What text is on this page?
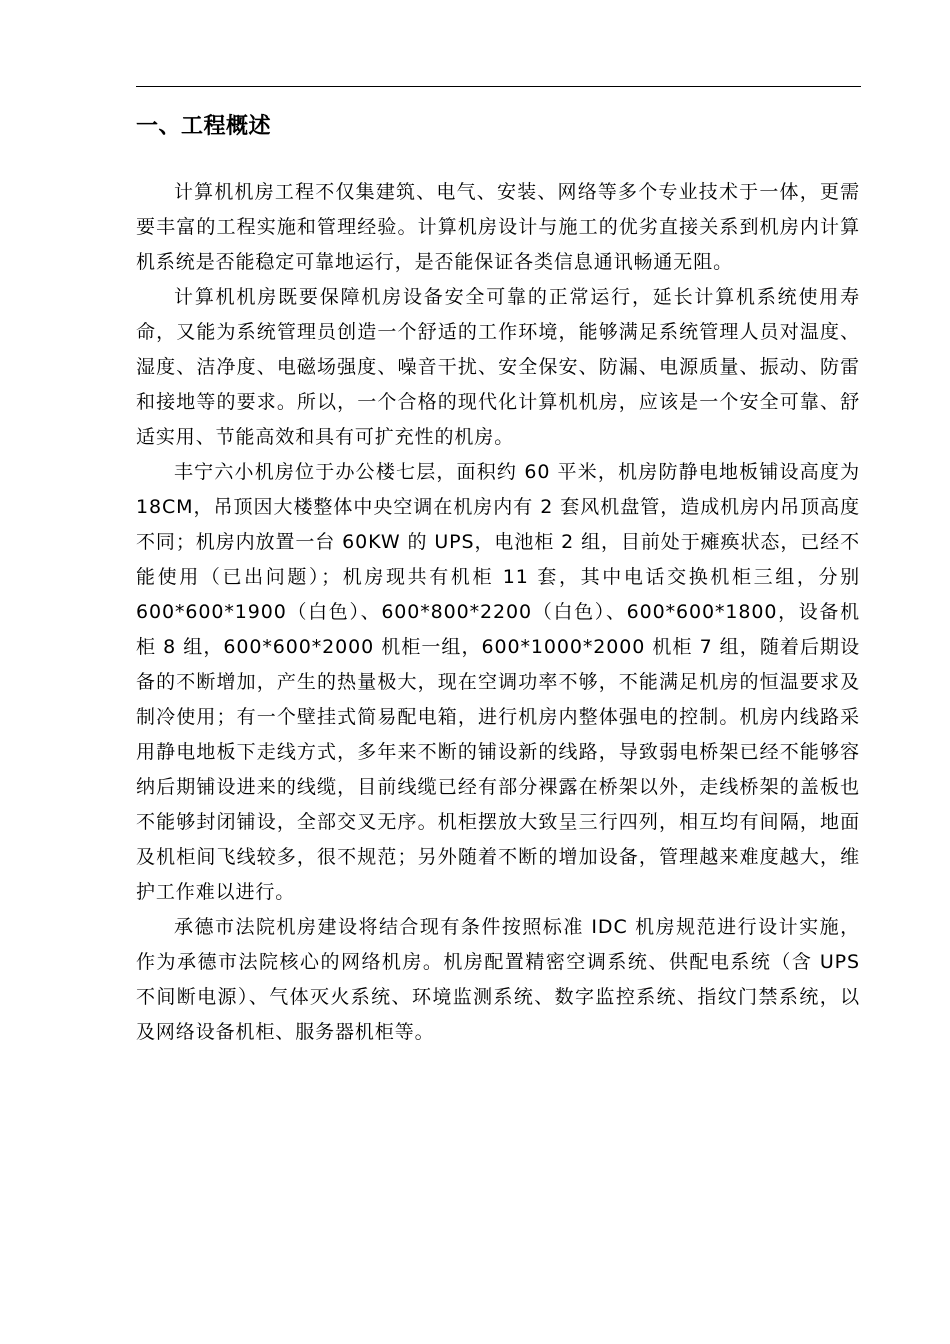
一、工程概述

计算机机房工程不仅集建筑、电气、安装、网络等多个专业技术于一体，更需要丰富的工程实施和管理经验。计算机房设计与施工的优劣直接关系到机房内计算机系统是否能稳定可靠地运行，是否能保证各类信息通讯畅通无阻。

计算机机房既要保障机房设备安全可靠的正常运行，延长计算机系统使用寿命，又能为系统管理员创造一个舒适的工作环境，能够满足系统管理人员对温度、湿度、洁净度、电磁场强度、噪音干扰、安全保安、防漏、电源质量、振动、防雷和接地等的要求。所以，一个合格的现代化计算机机房，应该是一个安全可靠、舒适实用、节能高效和具有可扩充性的机房。

丰宁六小机房位于办公楼七层，面积约 60 平米，机房防静电地板铺设高度为 18CM，吊顶因大楼整体中央空调在机房内有 2 套风机盘管，造成机房内吊顶高度不同；机房内放置一台 60KW 的 UPS，电池柜 2 组，目前处于瘫痪状态，已经不能使用（已出问题）；机房现共有机柜 11 套，其中电话交换机柜三组，分别 600*600*1900（白色）、600*800*2200（白色）、600*600*1800，设备机柜 8 组，600*600*2000 机柜一组，600*1000*2000 机柜 7 组，随着后期设备的不断增加，产生的热量极大，现在空调功率不够，不能满足机房的恒温要求及制冷使用；有一个壁挂式简易配电箱，进行机房内整体强电的控制。机房内线路采用静电地板下走线方式，多年来不断的铺设新的线路，导致弱电桥架已经不能够容纳后期铺设进来的线缆，目前线缆已经有部分裸露在桥架以外，走线桥架的盖板也不能够封闭铺设，全部交叉无序。机柜摆放大致呈三行四列，相互均有间隔，地面及机柜间飞线较多，很不规范；另外随着不断的增加设备，管理越来难度越大，维护工作难以进行。

承德市法院机房建设将结合现有条件按照标准 IDC 机房规范进行设计实施，作为承德市法院核心的网络机房。机房配置精密空调系统、供配电系统（含 UPS 不间断电源）、气体灭火系统、环境监测系统、数字监控系统、指纹门禁系统，以及网络设备机柜、服务器机柜等。
